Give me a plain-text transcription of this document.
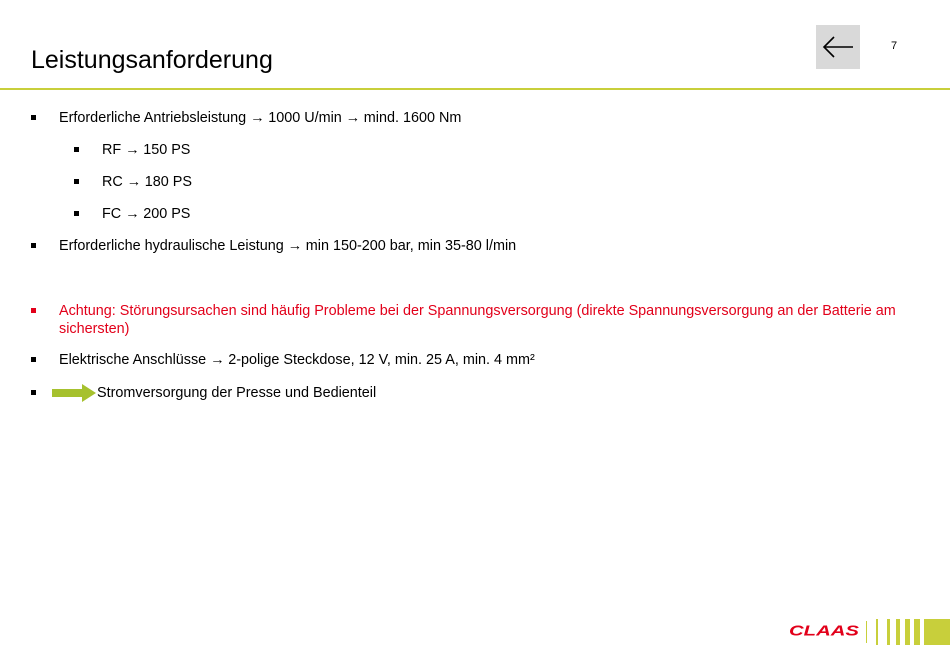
Leistungsanforderung	7
Erforderliche Antriebsleistung → 1000 U/min → mind. 1600 Nm
RF → 150 PS
RC → 180 PS
FC → 200 PS
Erforderliche hydraulische Leistung → min 150-200 bar, min 35-80 l/min
Achtung: Störungsursachen sind häufig Probleme bei der Spannungsversorgung (direkte Spannungsversorgung an der Batterie am sichersten)
Elektrische Anschlüsse → 2-polige Steckdose, 12 V, min. 25 A, min. 4 mm²
Stromversorgung der Presse und Bedienteil
CLAAS
